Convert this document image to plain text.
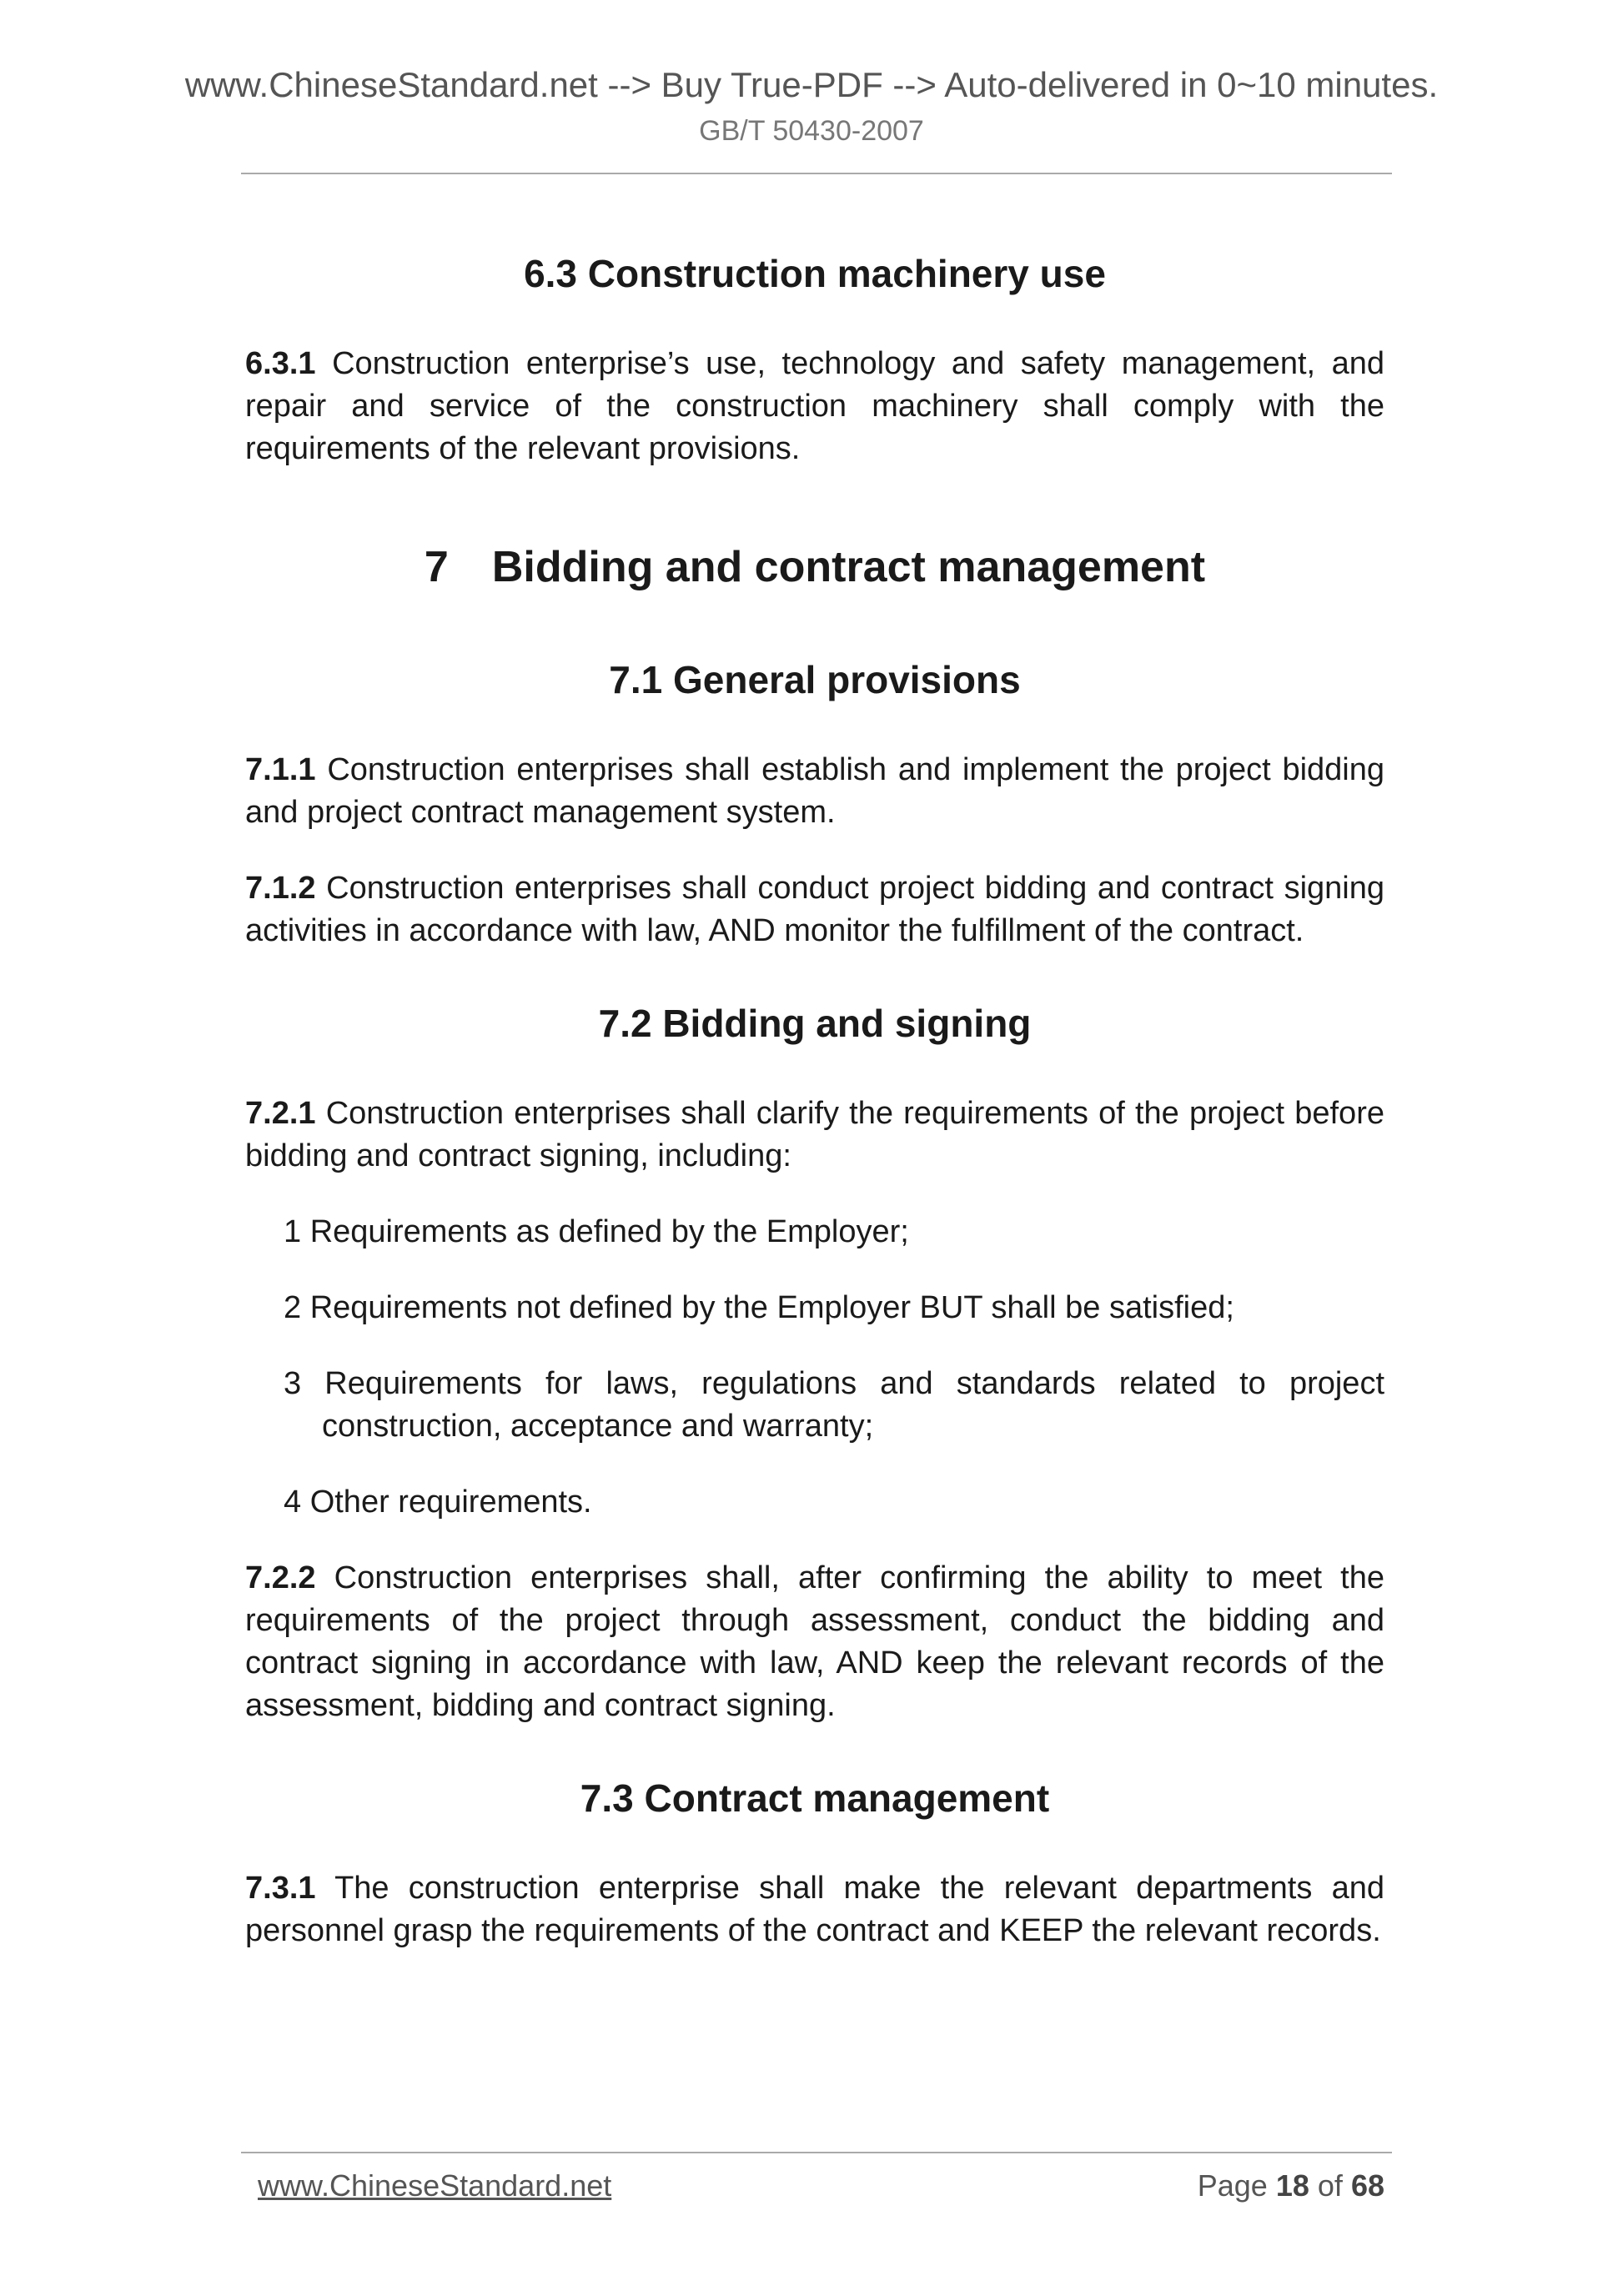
www.ChineseStandard.net --> Buy True-PDF --> Auto-delivered in 0~10 minutes.
GB/T 50430-2007
6.3 Construction machinery use

6.3.1 Construction enterprise’s use, technology and safety management, and repair and service of the construction machinery shall comply with the requirements of the relevant provisions.

7 Bidding and contract management
7.1 General provisions

7.1.1 Construction enterprises shall establish and implement the project bidding and project contract management system.

7.1.2 Construction enterprises shall conduct project bidding and contract signing activities in accordance with law, AND monitor the fulfillment of the contract.

7.2 Bidding and signing

7.2.1 Construction enterprises shall clarify the requirements of the project before bidding and contract signing, including:

1 Requirements as defined by the Employer;

2 Requirements not defined by the Employer BUT shall be satisfied;

3 Requirements for laws, regulations and standards related to project construction, acceptance and warranty;

4 Other requirements.

7.2.2 Construction enterprises shall, after confirming the ability to meet the requirements of the project through assessment, conduct the bidding and contract signing in accordance with law, AND keep the relevant records of the assessment, bidding and contract signing.

7.3 Contract management

7.3.1 The construction enterprise shall make the relevant departments and personnel grasp the requirements of the contract and KEEP the relevant records.

www.ChineseStandard.net	Page 18 of 68
